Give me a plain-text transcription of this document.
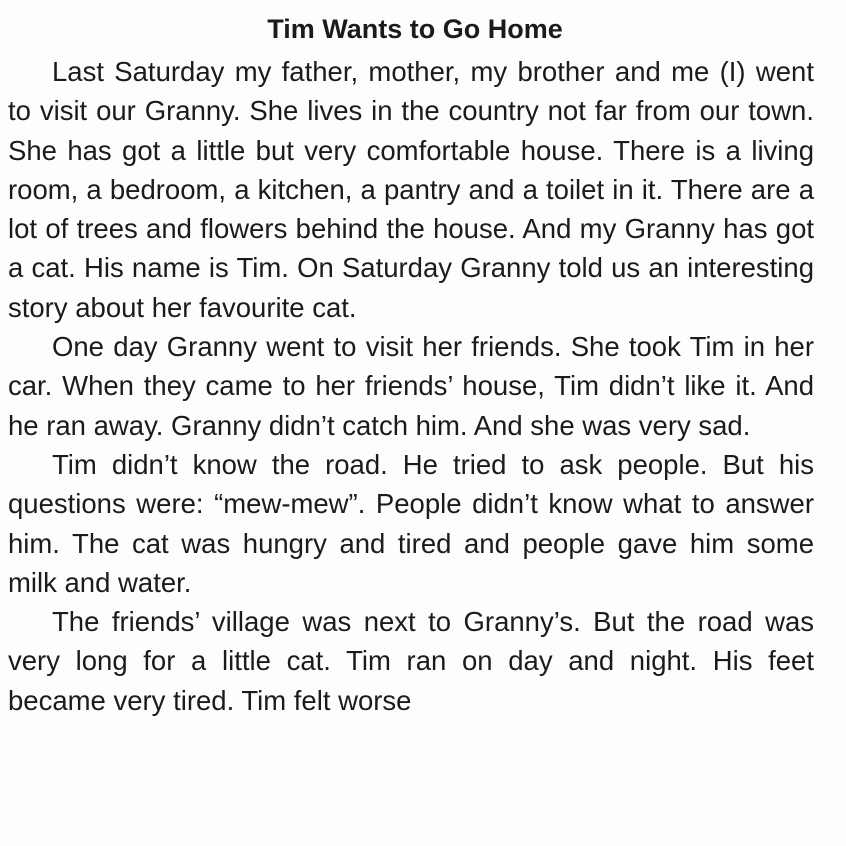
Tim Wants to Go Home

Last Saturday my father, mother, my brother and me (I) went to visit our Granny. She lives in the country not far from our town. She has got a little but very comfortable house. There is a living room, a bedroom, a kitchen, a pantry and a toilet in it. There are a lot of trees and flowers behind the house. And my Granny has got a cat. His name is Tim. On Saturday Granny told us an interesting story about her favourite cat.

One day Granny went to visit her friends. She took Tim in her car. When they came to her friends’ house, Tim didn’t like it. And he ran away. Granny didn’t catch him. And she was very sad.

Tim didn’t know the road. He tried to ask people. But his questions were: “mew-mew”. People didn’t know what to answer him. The cat was hungry and tired and people gave him some milk and water.

The friends’ village was next to Granny’s. But the road was very long for a little cat. Tim ran on day and night. His feet became very tired. Tim felt worse
